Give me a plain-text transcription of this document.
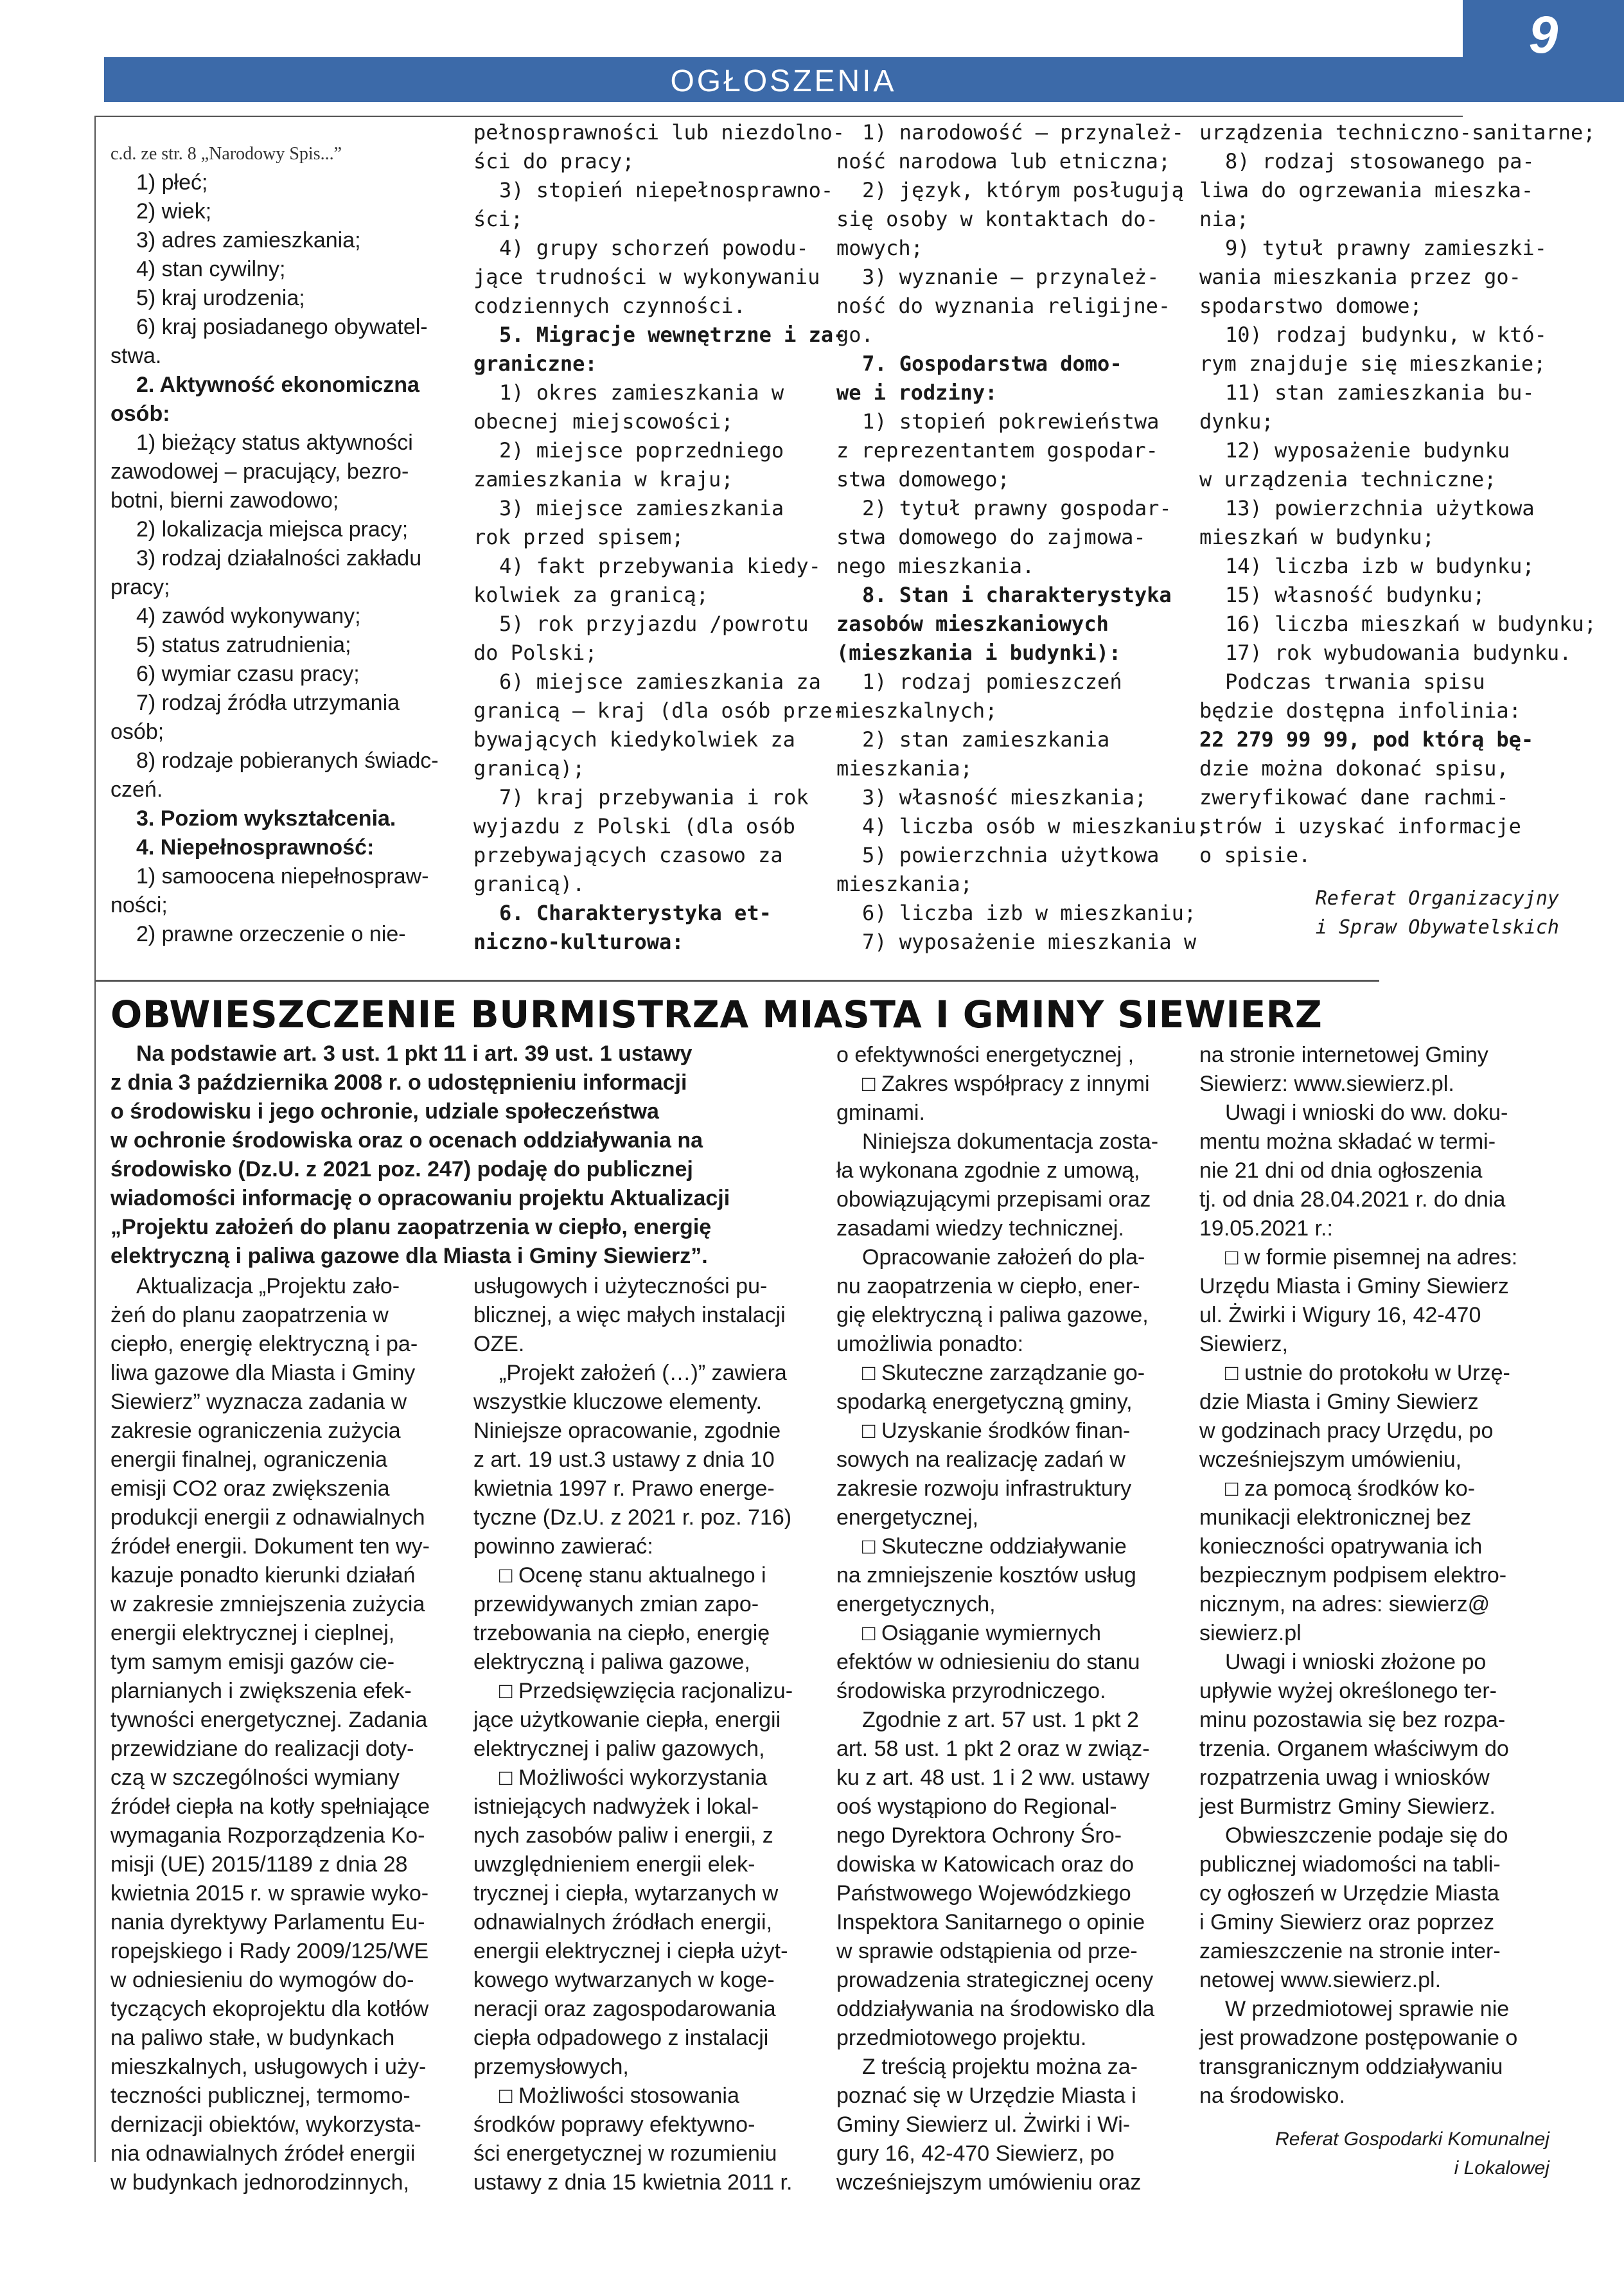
OGŁOSZENIA
9
c.d. ze str. 8 „Narodowy Spis...”
1) płeć;
2) wiek;
3) adres zamieszkania;
4) stan cywilny;
5) kraj urodzenia;
6) kraj posiadanego obywatel-
stwa.
2. Aktywność ekonomiczna
osób:
1) bieżący status aktywności
zawodowej – pracujący, bezro-
botni, bierni zawodowo;
2) lokalizacja miejsca pracy;
3) rodzaj działalności zakładu
pracy;
4) zawód wykonywany;
5) status zatrudnienia;
6) wymiar czasu pracy;
7) rodzaj źródła utrzymania
osób;
8) rodzaje pobieranych świadc-
czeń.
3. Poziom wykształcenia.
4. Niepełnosprawność:
1) samoocena niepełnospraw-
ności;
2) prawne orzeczenie o nie-
pełnosprawności lub niezdolno-
ści do pracy;
3) stopień niepełnosprawno-
ści;
4) grupy schorzeń powodu-
jące trudności w wykonywaniu
codziennych czynności.
5. Migracje wewnętrzne i za-
graniczne:
1) okres zamieszkania w
obecnej miejscowości;
2) miejsce poprzedniego
zamieszkania w kraju;
3) miejsce zamieszkania
rok przed spisem;
4) fakt przebywania kiedy-
kolwiek za granicą;
5) rok przyjazdu /powrotu
do Polski;
6) miejsce zamieszkania za
granicą – kraj (dla osób prze-
bywających kiedykolwiek za
granicą);
7) kraj przebywania i rok
wyjazdu z Polski (dla osób
przebywających czasowo za
granicą).
6. Charakterystyka et-
niczno-kulturowa:
1) narodowość – przynależ-
ność narodowa lub etniczna;
2) język, którym posługują
się osoby w kontaktach do-
mowych;
3) wyznanie – przynależ-
ność do wyznania religijne-
go.
7. Gospodarstwa domo-
we i rodziny:
1) stopień pokrewieństwa
z reprezentantem gospodar-
stwa domowego;
2) tytuł prawny gospodar-
stwa domowego do zajmowa-
nego mieszkania.
8. Stan i charakterystyka
zasobów mieszkaniowych
(mieszkania i budynki):
1) rodzaj pomieszczeń
mieszkalnych;
2) stan zamieszkania
mieszkania;
3) własność mieszkania;
4) liczba osób w mieszkaniu;
5) powierzchnia użytkowa
mieszkania;
6) liczba izb w mieszkaniu;
7) wyposażenie mieszkania w
urządzenia techniczno-sanitarne;
8) rodzaj stosowanego pa-
liwa do ogrzewania mieszka-
nia;
9) tytuł prawny zamieszki-
wania mieszkania przez go-
spodarstwo domowe;
10) rodzaj budynku, w któ-
rym znajduje się mieszkanie;
11) stan zamieszkania bu-
dynku;
12) wyposażenie budynku
w urządzenia techniczne;
13) powierzchnia użytkowa
mieszkań w budynku;
14) liczba izb w budynku;
15) własność budynku;
16) liczba mieszkań w budynku;
17) rok wybudowania budynku.
Podczas trwania spisu
będzie dostępna infolinia:
22 279 99 99, pod którą bę-
dzie można dokonać spisu,
zweryfikować dane rachmi-
strów i uzyskać informacje
o spisie.
Referat Organizacyjny
i Spraw Obywatelskich
OBWIESZCZENIE BURMISTRZA MIASTA I GMINY SIEWIERZ
Na podstawie art. 3 ust. 1 pkt 11 i art. 39 ust. 1 ustawy
z dnia 3 października 2008 r. o udostępnieniu informacji
o środowisku i jego ochronie, udziale społeczeństwa
w ochronie środowiska oraz o ocenach oddziaływania na
środowisko (Dz.U. z 2021 poz. 247) podaję do publicznej
wiadomości informację o opracowaniu projektu Aktualizacji
„Projektu założeń do planu zaopatrzenia w ciepło, energię
elektryczną i paliwa gazowe dla Miasta i Gminy Siewierz”.
Aktualizacja „Projektu zało-
żeń do planu zaopatrzenia w
ciepło, energię elektryczną i pa-
liwa gazowe dla Miasta i Gminy
Siewierz” wyznacza zadania w
zakresie ograniczenia zużycia
energii finalnej, ograniczenia
emisji CO2 oraz zwiększenia
produkcji energii z odnawialnych
źródeł energii. Dokument ten wy-
kazuje ponadto kierunki działań
w zakresie zmniejszenia zużycia
energii elektrycznej i cieplnej,
tym samym emisji gazów cie-
plarnianych i zwiększenia efek-
tywności energetycznej. Zadania
przewidziane do realizacji doty-
czą w szczególności wymiany
źródeł ciepła na kotły spełniające
wymagania Rozporządzenia Ko-
misji (UE) 2015/1189 z dnia 28
kwietnia 2015 r. w sprawie wyko-
nania dyrektywy Parlamentu Eu-
ropejskiego i Rady 2009/125/WE
w odniesieniu do wymogów do-
tyczących ekoprojektu dla kotłów
na paliwo stałe, w budynkach
mieszkalnych, usługowych i uży-
teczności publicznej, termomo-
dernizacji obiektów, wykorzysta-
nia odnawialnych źródeł energii
w budynkach jednorodzinnych,
usługowych i użyteczności pu-
blicznej, a więc małych instalacji
OZE.
„Projekt założeń (…)” zawiera
wszystkie kluczowe elementy.
Niniejsze opracowanie, zgodnie
z art. 19 ust.3 ustawy z dnia 10
kwietnia 1997 r. Prawo energe-
tyczne (Dz.U. z 2021 r. poz. 716)
powinno zawierać:
□ Ocenę stanu aktualnego i
przewidywanych zmian zapo-
trzebowania na ciepło, energię
elektryczną i paliwa gazowe,
□ Przedsięwzięcia racjonalizu-
jące użytkowanie ciepła, energii
elektrycznej i paliw gazowych,
□ Możliwości wykorzystania
istniejących nadwyżek i lokal-
nych zasobów paliw i energii, z
uwzględnieniem energii elek-
trycznej i ciepła, wytarzanych w
odnawialnych źródłach energii,
energii elektrycznej i ciepła użyt-
kowego wytwarzanych w koge-
neracji oraz zagospodarowania
ciepła odpadowego z instalacji
przemysłowych,
□ Możliwości stosowania
środków poprawy efektywno-
ści energetycznej w rozumieniu
ustawy z dnia 15 kwietnia 2011 r.
o efektywności energetycznej ,
□ Zakres współpracy z innymi
gminami.
Niniejsza dokumentacja zosta-
ła wykonana zgodnie z umową,
obowiązującymi przepisami oraz
zasadami wiedzy technicznej.
Opracowanie założeń do pla-
nu zaopatrzenia w ciepło, ener-
gię elektryczną i paliwa gazowe,
umożliwia ponadto:
□ Skuteczne zarządzanie go-
spodarką energetyczną gminy,
□ Uzyskanie środków finan-
sowych na realizację zadań w
zakresie rozwoju infrastruktury
energetycznej,
□ Skuteczne oddziaływanie
na zmniejszenie kosztów usług
energetycznych,
□ Osiąganie wymiernych
efektów w odniesieniu do stanu
środowiska przyrodniczego.
Zgodnie z art. 57 ust. 1 pkt 2
art. 58 ust. 1 pkt 2 oraz w związ-
ku z art. 48 ust. 1 i 2 ww. ustawy
ooś wystąpiono do Regional-
nego Dyrektora Ochrony Śro-
dowiska w Katowicach oraz do
Państwowego Wojewódzkiego
Inspektora Sanitarnego o opinie
w sprawie odstąpienia od prze-
prowadzenia strategicznej oceny
oddziaływania na środowisko dla
przedmiotowego projektu.
Z treścią projektu można za-
poznać się w Urzędzie Miasta i
Gminy Siewierz ul. Żwirki i Wi-
gury 16, 42-470 Siewierz, po
wcześniejszym umówieniu oraz
na stronie internetowej Gminy
Siewierz: www.siewierz.pl.
Uwagi i wnioski do ww. doku-
mentu można składać w termi-
nie 21 dni od dnia ogłoszenia
tj. od dnia 28.04.2021 r. do dnia
19.05.2021 r.:
□ w formie pisemnej na adres:
Urzędu Miasta i Gminy Siewierz
ul. Żwirki i Wigury 16, 42-470
Siewierz,
□ ustnie do protokołu w Urzę-
dzie Miasta i Gminy Siewierz
w godzinach pracy Urzędu, po
wcześniejszym umówieniu,
□ za pomocą środków ko-
munikacji elektronicznej bez
konieczności opatrywania ich
bezpiecznym podpisem elektro-
nicznym, na adres: siewierz@
siewierz.pl
Uwagi i wnioski złożone po
upływie wyżej określonego ter-
minu pozostawia się bez rozpa-
trzenia. Organem właściwym do
rozpatrzenia uwag i wniosków
jest Burmistrz Gminy Siewierz.
Obwieszczenie podaje się do
publicznej wiadomości na tabli-
cy ogłoszeń w Urzędzie Miasta
i Gminy Siewierz oraz poprzez
zamieszczenie na stronie inter-
netowej www.siewierz.pl.
W przedmiotowej sprawie nie
jest prowadzone postępowanie o
transgranicznym oddziaływaniu
na środowisko.
Referat Gospodarki Komunalnej
i Lokalowej
